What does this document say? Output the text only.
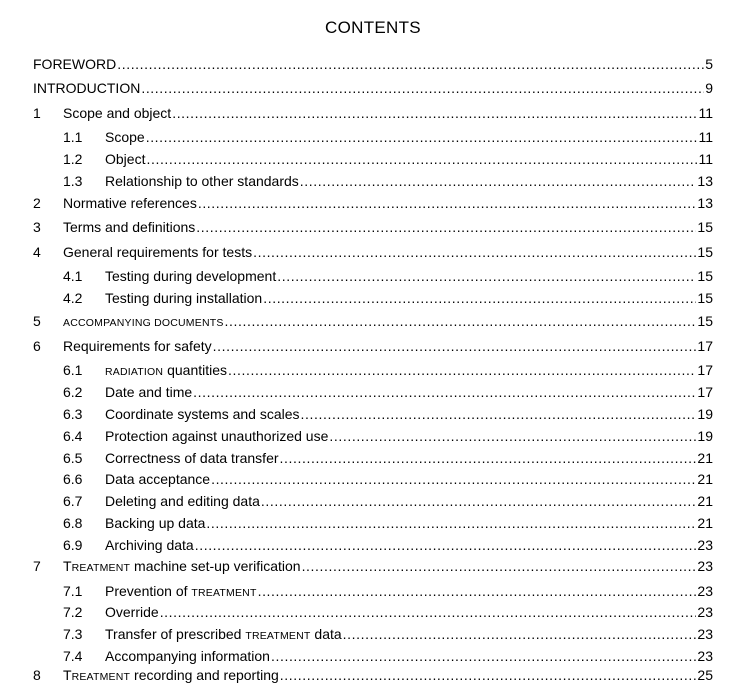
CONTENTS
FOREWORD .....	5
INTRODUCTION .....	9
1	Scope and object .....	11
1.1	Scope .....	11
1.2	Object .....	11
1.3	Relationship to other standards .....	13
2	Normative references .....	13
3	Terms and definitions .....	15
4	General requirements for tests .....	15
4.1	Testing during development .....	15
4.2	Testing during installation .....	15
5	ACCOMPANYING DOCUMENTS .....	15
6	Requirements for safety .....	17
6.1	RADIATION quantities .....	17
6.2	Date and time .....	17
6.3	Coordinate systems and scales .....	19
6.4	Protection against unauthorized use .....	19
6.5	Correctness of data transfer .....	21
6.6	Data acceptance .....	21
6.7	Deleting and editing data .....	21
6.8	Backing up data .....	21
6.9	Archiving data .....	23
7	TREATMENT machine set-up verification .....	23
7.1	Prevention of TREATMENT .....	23
7.2	Override .....	23
7.3	Transfer of prescribed TREATMENT data .....	23
7.4	Accompanying information .....	23
8	TREATMENT recording and reporting .....	25
